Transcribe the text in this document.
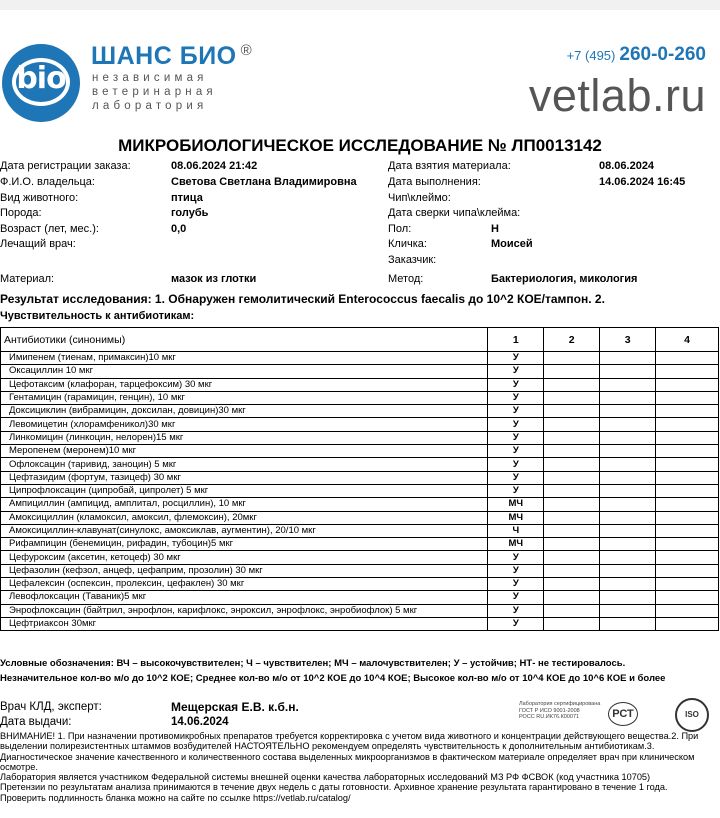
bio
ШАНС БИО ®
независимая
ветеринарная
лаборатория
+7 (495) 260-0-260
vetlab.ru
МИКРОБИОЛОГИЧЕСКОЕ ИССЛЕДОВАНИЕ № ЛП0013142
Дата регистрации заказа:	08.06.2024 21:42
Ф.И.О. владельца:	Светова Светлана Владимировна
Вид животного:	птица
Порода:	голубь
Возраст (лет, мес.):	0,0
Лечащий врач:
Дата взятия материала:	08.06.2024
Дата выполнения:	14.06.2024 16:45
Чип\клеймо:
Дата сверки чипа\клейма:
Пол:	Н
Кличка:	Моисей
Заказчик:
Материал:	мазок из глотки	Метод:	Бактериология, микология
Результат исследования: 1. Обнаружен гемолитический Enterococcus faecalis до 10^2 КОЕ/тампон. 2.
Чувствительность к антибиотикам:
Антибиотики (синонимы)	1	2	3	4
Имипенем (тиенам, примаксин)10 мкг	У			
Оксациллин 10 мкг	У			
Цефотаксим (клафоран, тарцефоксим) 30 мкг	У			
Гентамицин (гарамицин, генцин), 10 мкг	У			
Доксициклин (вибрамицин, доксилан, довицин)30 мкг	У			
Левомицетин (хлорамфеникол)30 мкг	У			
Линкомицин (линкоцин, нелорен)15 мкг	У			
Меропенем (меронем)10 мкг	У			
Офлоксацин (таривид, заноцин) 5 мкг	У			
Цефтазидим (фортум, тазицеф) 30 мкг	У			
Ципрофлоксацин (ципробай, ципролет) 5 мкг	У			
Ампициллин (ампицид, амплитал, росциллин), 10 мкг	МЧ			
Амоксициллин (кламоксил, амоксил, флемоксин), 20мкг	МЧ			
Амоксициллин-клавунат(синулокс, амоксиклав, аугментин), 20/10 мкг	Ч			
Рифампицин (бенемицин, рифадин, тубоцин)5 мкг	МЧ			
Цефуроксим (аксетин, кетоцеф) 30 мкг	У			
Цефазолин (кефзол, анцеф, цефаприм, прозолин) 30 мкг	У			
Цефалексин (оспексин, пролексин, цефаклен) 30 мкг	У			
Левофлоксацин (Таваник)5 мкг	У			
Энрофлоксацин (байтрил, энрофлон, карифлокс, энроксил, энрофлокс, энробиофлок) 5 мкг	У			
Цефтриаксон 30мкг	У			
Условные обозначения: ВЧ – высокочувствителен; Ч – чувствителен; МЧ – малочувствителен; У – устойчив; НТ- не тестировалось.
Незначительное кол-во м/о до 10^2 КОЕ; Среднее кол-во м/о от 10^2 КОЕ до 10^4 КОЕ; Высокое кол-во м/о от 10^4 КОЕ до 10^6 КОЕ и более
Врач КЛД, эксперт:	Мещерская Е.В. к.б.н.
Дата выдачи:	14.06.2024
Лаборатория сертифицирована
ГОСТ Р ИСО 9001-2008
РОСС RU.ИК76.К00071	РСТ	ISO
ВНИМАНИЕ! 1. При назначении противомикробных препаратов требуется корректировка с учетом вида животного и концентрации действующего вещества.2. При выделении полирезистентных штаммов возбудителей НАСТОЯТЕЛЬНО рекомендуем определять чувствительность к дополнительным антибиотикам.3. Диагностическое значение качественного и количественного состава выделенных микроорганизмов в фактическом материале определяет врач при клиническом осмотре.
Лаборатория является участником Федеральной системы внешней оценки качества лабораторных исследований МЗ РФ ФСВОК (код участника 10705)
Претензии по результатам анализа принимаются в течение двух недель с даты готовности. Архивное хранение результата гарантировано в течение 1 года.
Проверить подлинность бланка можно на сайте по ссылке https://vetlab.ru/catalog/
